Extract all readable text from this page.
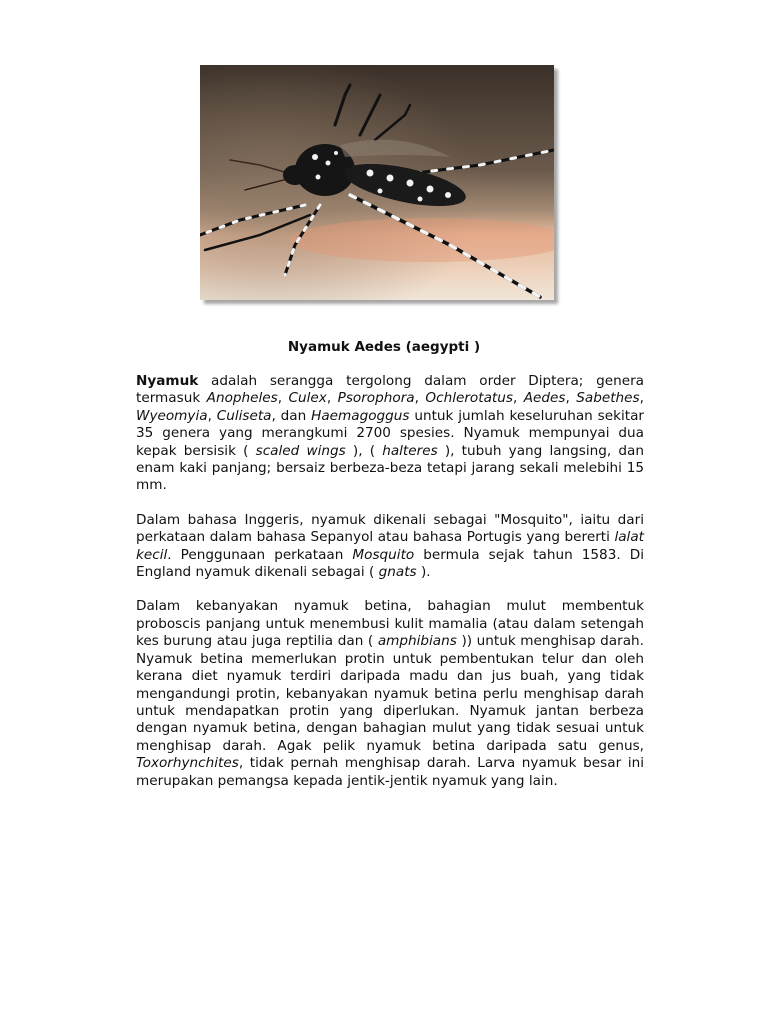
Nyamuk Aedes (aegypti )

Nyamuk adalah serangga tergolong dalam order Diptera; genera termasuk Anopheles, Culex, Psorophora, Ochlerotatus, Aedes, Sabethes, Wyeomyia, Culiseta, dan Haemagoggus untuk jumlah keseluruhan sekitar 35 genera yang merangkumi 2700 spesies. Nyamuk mempunyai dua kepak bersisik ( scaled wings ), ( halteres ), tubuh yang langsing, dan enam kaki panjang; bersaiz berbeza-beza tetapi jarang sekali melebihi 15 mm.

Dalam bahasa Inggeris, nyamuk dikenali sebagai "Mosquito", iaitu dari perkataan dalam bahasa Sepanyol atau bahasa Portugis yang bererti lalat kecil. Penggunaan perkataan Mosquito bermula sejak tahun 1583. Di England nyamuk dikenali sebagai ( gnats ).

Dalam kebanyakan nyamuk betina, bahagian mulut membentuk proboscis panjang untuk menembusi kulit mamalia (atau dalam setengah kes burung atau juga reptilia dan ( amphibians )) untuk menghisap darah. Nyamuk betina memerlukan protin untuk pembentukan telur dan oleh kerana diet nyamuk terdiri daripada madu dan jus buah, yang tidak mengandungi protin, kebanyakan nyamuk betina perlu menghisap darah untuk mendapatkan protin yang diperlukan. Nyamuk jantan berbeza dengan nyamuk betina, dengan bahagian mulut yang tidak sesuai untuk menghisap darah. Agak pelik nyamuk betina daripada satu genus, Toxorhynchites, tidak pernah menghisap darah. Larva nyamuk besar ini merupakan pemangsa kepada jentik-jentik nyamuk yang lain.
